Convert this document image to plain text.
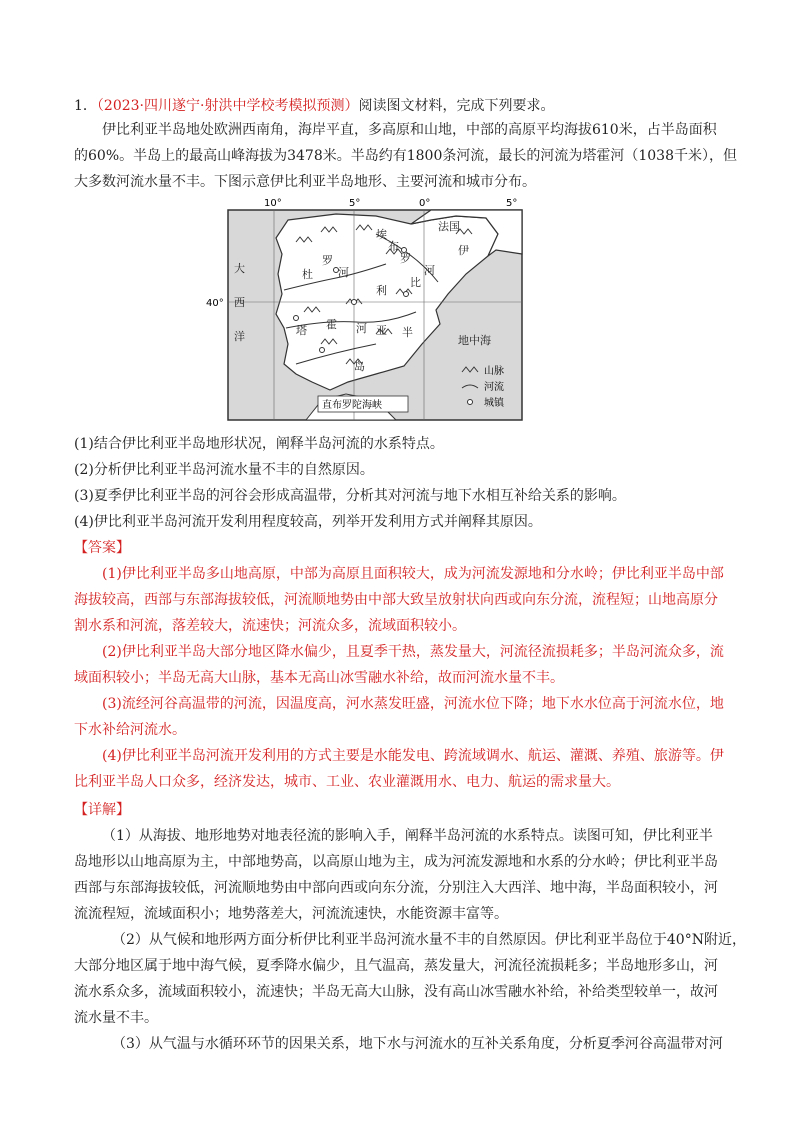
1．（2023·四川遂宁·射洪中学校考模拟预测）阅读图文材料，完成下列要求。
伊比利亚半岛地处欧洲西南角，海岸平直，多高原和山地，中部的高原平均海拔610米，占半岛面积
的60%。半岛上的最高山峰海拔为3478米。半岛约有1800条河流，最长的河流为塔霍河（1038千米），但
大多数河流水量不丰。下图示意伊比利亚半岛地形、主要河流和城市分布。
10°	5°	0°	5°
40°
法国
大
西
洋	地中海
伊
比
利
亚 半
岛
杜
罗
河
埃
布
罗
河
塔 霍 河
直布罗陀海峡
山脉
河流
城镇
(1)结合伊比利亚半岛地形状况，阐释半岛河流的水系特点。
(2)分析伊比利亚半岛河流水量不丰的自然原因。
(3)夏季伊比利亚半岛的河谷会形成高温带，分析其对河流与地下水相互补给关系的影响。
(4)伊比利亚半岛河流开发利用程度较高，列举开发利用方式并阐释其原因。
【答案】
(1)伊比利亚半岛多山地高原，中部为高原且面积较大，成为河流发源地和分水岭；伊比利亚半岛中部
海拔较高，西部与东部海拔较低，河流顺地势由中部大致呈放射状向西或向东分流，流程短；山地高原分
割水系和河流，落差较大，流速快；河流众多，流域面积较小。
(2)伊比利亚半岛大部分地区降水偏少，且夏季干热，蒸发量大，河流径流损耗多；半岛河流众多，流
域面积较小；半岛无高大山脉，基本无高山冰雪融水补给，故而河流水量不丰。
(3)流经河谷高温带的河流，因温度高，河水蒸发旺盛，河流水位下降；地下水水位高于河流水位，地
下水补给河流水。
(4)伊比利亚半岛河流开发利用的方式主要是水能发电、跨流域调水、航运、灌溉、养殖、旅游等。伊
比利亚半岛人口众多，经济发达，城市、工业、农业灌溉用水、电力、航运的需求量大。
【详解】
（1）从海拔、地形地势对地表径流的影响入手，阐释半岛河流的水系特点。读图可知，伊比利亚半
岛地形以山地高原为主，中部地势高，以高原山地为主，成为河流发源地和水系的分水岭；伊比利亚半岛
西部与东部海拔较低，河流顺地势由中部向西或向东分流，分别注入大西洋、地中海，半岛面积较小，河
流流程短，流域面积小；地势落差大，河流流速快，水能资源丰富等。
（2）从气候和地形两方面分析伊比利亚半岛河流水量不丰的自然原因。伊比利亚半岛位于40°N附近，
大部分地区属于地中海气候，夏季降水偏少，且气温高，蒸发量大，河流径流损耗多；半岛地形多山，河
流水系众多，流域面积较小，流速快；半岛无高大山脉，没有高山冰雪融水补给，补给类型较单一，故河
流水量不丰。
（3）从气温与水循环环节的因果关系，地下水与河流水的互补关系角度，分析夏季河谷高温带对河
